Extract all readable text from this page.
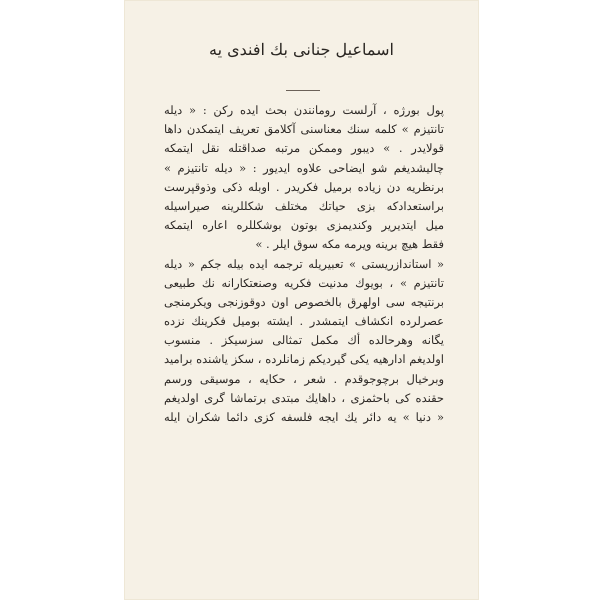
اسماعيل جنانى بك افندى يه
پول بورژه ، آرلست رومانندن بحث ايده ركن : « ديله
تانتيزم » كلمه سنك معناسنى آكلامق تعريف ايتمكدن داها
قولايدر . » ديبور وممكن مرتبه صداقتله نقل ايتمكه
چاليشديغم شو ايضاحى علاوه ايديور : « ديله تانتيزم »
برنظريه دن زياده برميل فكريدر . اوبله ذكى وذوقپرست
براستعدادكه بزى حياتك مختلف شكللرينه صيراسيله
ميل ايتديرير وكنديمزى بوتون بوشكللره اعاره ايتمكه
فقط هيچ برينه ويرمه مكه سوق ايلر . »
« استاندازريستى » تعبيريله ترجمه ايده بيله جكم « ديله
تانتيزم » ، بويوك مدنيت فكريه وصنعتكارانه نك طبيعى
برنتيجه سى اولهرق بالخصوص اون دوقوزنجى ويكرمنجى
عصرلرده انكشاف ايتمشدر . ايشته بوميل فكرينك نزده
يگانه وهرحالده أك مكمل تمثالى سزسيكز . منسوب
اولديغم ادارهيه يكى گيرديكم زمانلرده ، سكز ياشنده براميد
وبرخيال برچوجوقدم . شعر ، حكايه ، موسيقى ورسم
حقنده كى باحثمزى ، داهايك مبتدى برتماشا گرى اولديغم
« دنيا » يه دائر يك ايجه فلسفه كزى دائما شكران ايله
